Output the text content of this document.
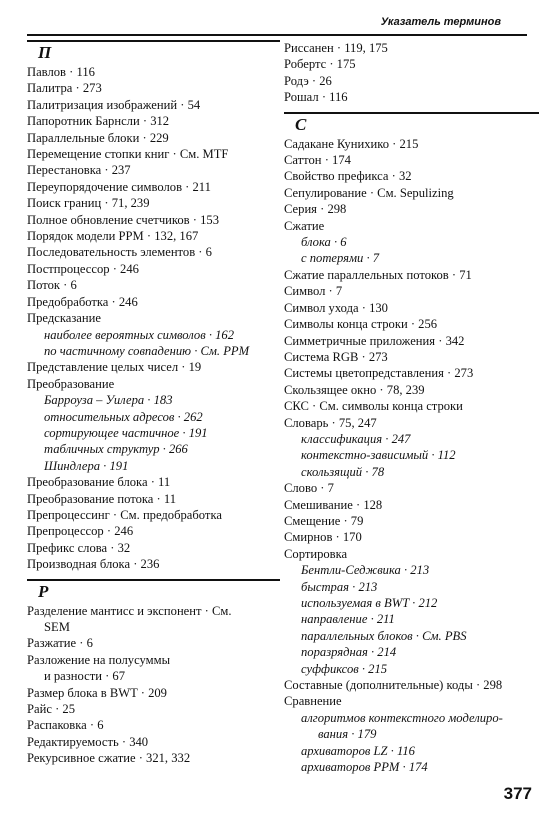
Указатель терминов
П
Павлов · 116
Палитра · 273
Палитризация изображений · 54
Папоротник Барнсли · 312
Параллельные блоки · 229
Перемещение стопки книг · См. MTF
Перестановка · 237
Переупорядочение символов · 211
Поиск границ · 71, 239
Полное обновление счетчиков · 153
Порядок модели PPM · 132, 167
Последовательность элементов · 6
Постпроцессор · 246
Поток · 6
Предобработка · 246
Предсказание
наиболее вероятных символов · 162
по частичному совпадению · См. PPM
Представление целых чисел · 19
Преобразование
Барроуза – Уилера · 183
относительных адресов · 262
сортирующее частичное · 191
табличных структур · 266
Шиндлера · 191
Преобразование блока · 11
Преобразование потока · 11
Препроцессинг · См. предобработка
Препроцессор · 246
Префикс слова · 32
Производная блока · 236
Р
Разделение мантисс и экспонент · См.
SEM
Разжатие · 6
Разложение на полусуммы
и разности · 67
Размер блока в BWT · 209
Райс · 25
Распаковка · 6
Редактируемость · 340
Рекурсивное сжатие · 321, 332
Риссанен · 119, 175
Робертс · 175
Родэ · 26
Рошал · 116
С
Садакане Кунихико · 215
Саттон · 174
Свойство префикса · 32
Сепулирование · См. Sepulizing
Серия · 298
Сжатие
блока · 6
с потерями · 7
Сжатие параллельных потоков · 71
Символ · 7
Символ ухода · 130
Символы конца строки · 256
Симметричные приложения · 342
Система RGB · 273
Системы цветопредставления · 273
Скользящее окно · 78, 239
СКС · См. символы конца строки
Словарь · 75, 247
классификация · 247
контекстно-зависимый · 112
скользящий · 78
Слово · 7
Смешивание · 128
Смещение · 79
Смирнов · 170
Сортировка
Бентли-Седжвика · 213
быстрая · 213
используемая в BWT · 212
направление · 211
параллельных блоков · См. PBS
поразрядная · 214
суффиксов · 215
Составные (дополнительные) коды · 298
Сравнение
алгоритмов контекстного моделиро-
вания · 179
архиваторов LZ · 116
архиваторов PPM · 174
377
